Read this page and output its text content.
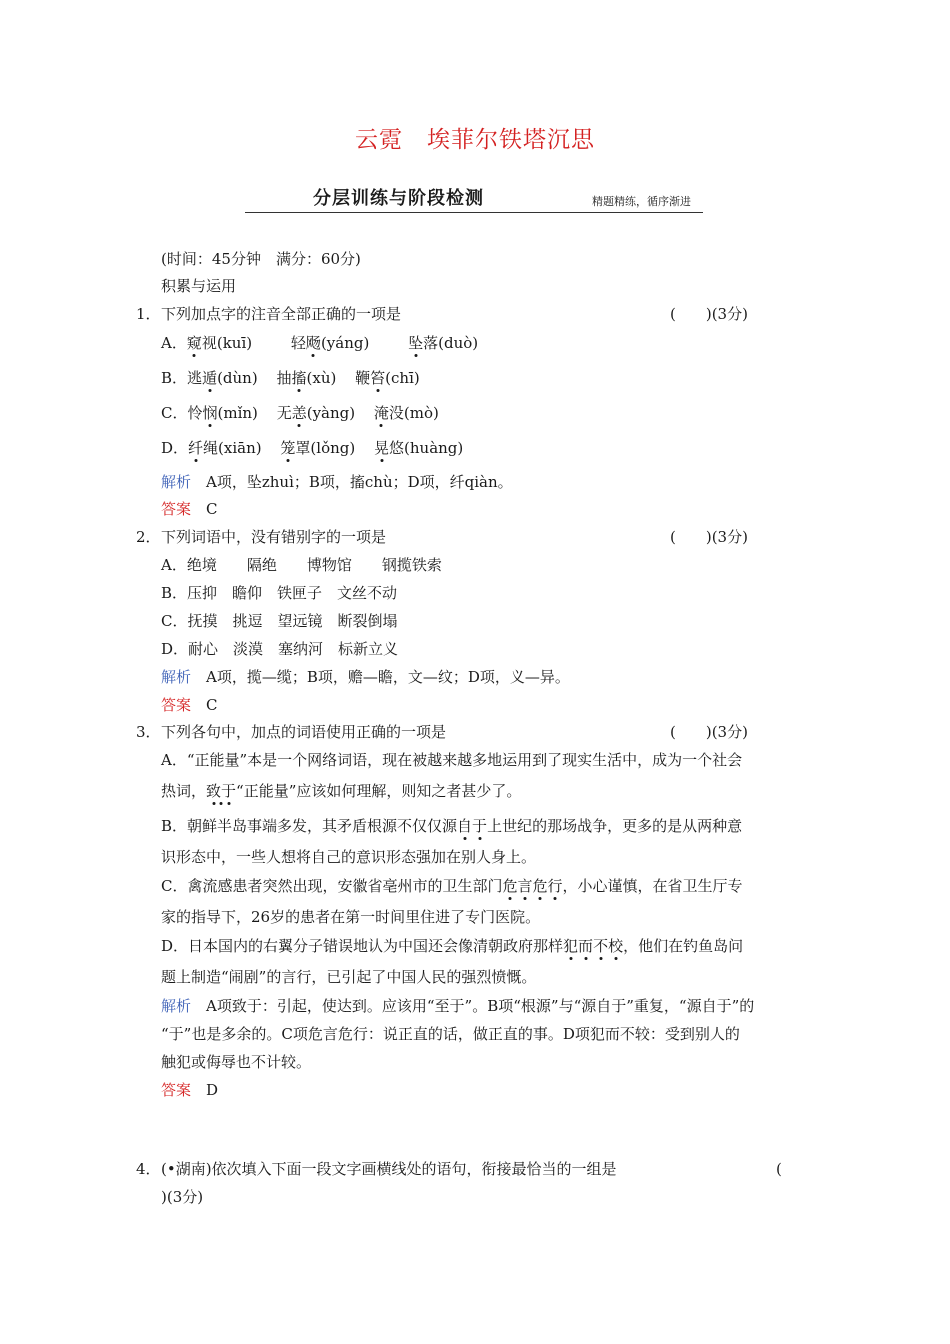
云霓　埃菲尔铁塔沉思
分层训练与阶段检测	精题精练，循序渐进
(时间：45分钟　满分：60分)
积累与运用
1． 下列加点字的注音全部正确的一项是	(　　)(3分)
A．窥视(kuī)	轻飏(yáng)	坠落(duò)
B．逃遁(dùn) 抽搐(xù) 鞭笞(chī)
C．怜悯(mǐn) 无恙(yàng) 淹没(mò)
D．纤绳(xiān) 笼罩(lǒng) 晃悠(huàng)
解析　 A项，坠zhuì；B项，搐chù；D项，纤qiàn。
答案　 C
2． 下列词语中，没有错别字的一项是	(　　)(3分)
A．绝境　　隔绝　　博物馆　　钢揽铁索
B．压抑　瞻仰　铁匣子　文丝不动
C．抚摸　挑逗　望远镜　断裂倒塌
D．耐心　淡漠　塞纳河　标新立义
解析　 A项，揽—缆；B项，赡—瞻，文—纹；D项，义—异。
答案　 C
3． 下列各句中，加点的词语使用正确的一项是	(　　)(3分)
A．“正能量”本是一个网络词语，现在被越来越多地运用到了现实生活中，成为一个社会
热词，致于“正能量”应该如何理解，则知之者甚少了。
B．朝鲜半岛事端多发，其矛盾根源不仅仅源自于上世纪的那场战争，更多的是从两种意
识形态中，一些人想将自己的意识形态强加在别人身上。
C．禽流感患者突然出现，安徽省亳州市的卫生部门危言危行，小心谨慎，在省卫生厅专
家的指导下，26岁的患者在第一时间里住进了专门医院。
D．日本国内的右翼分子错误地认为中国还会像清朝政府那样犯而不校，他们在钓鱼岛问
题上制造“闹剧”的言行，已引起了中国人民的强烈愤慨。
解析　 A项致于：引起，使达到。应该用“至于”。B项“根源”与“源自于”重复，“源自于”的
“于”也是多余的。C项危言危行：说正直的话，做正直的事。D项犯而不较：受到别人的
触犯或侮辱也不计较。
答案　 D
4． (•湖南)依次填入下面一段文字画横线处的语句，衔接最恰当的一组是	(
)(3分)
